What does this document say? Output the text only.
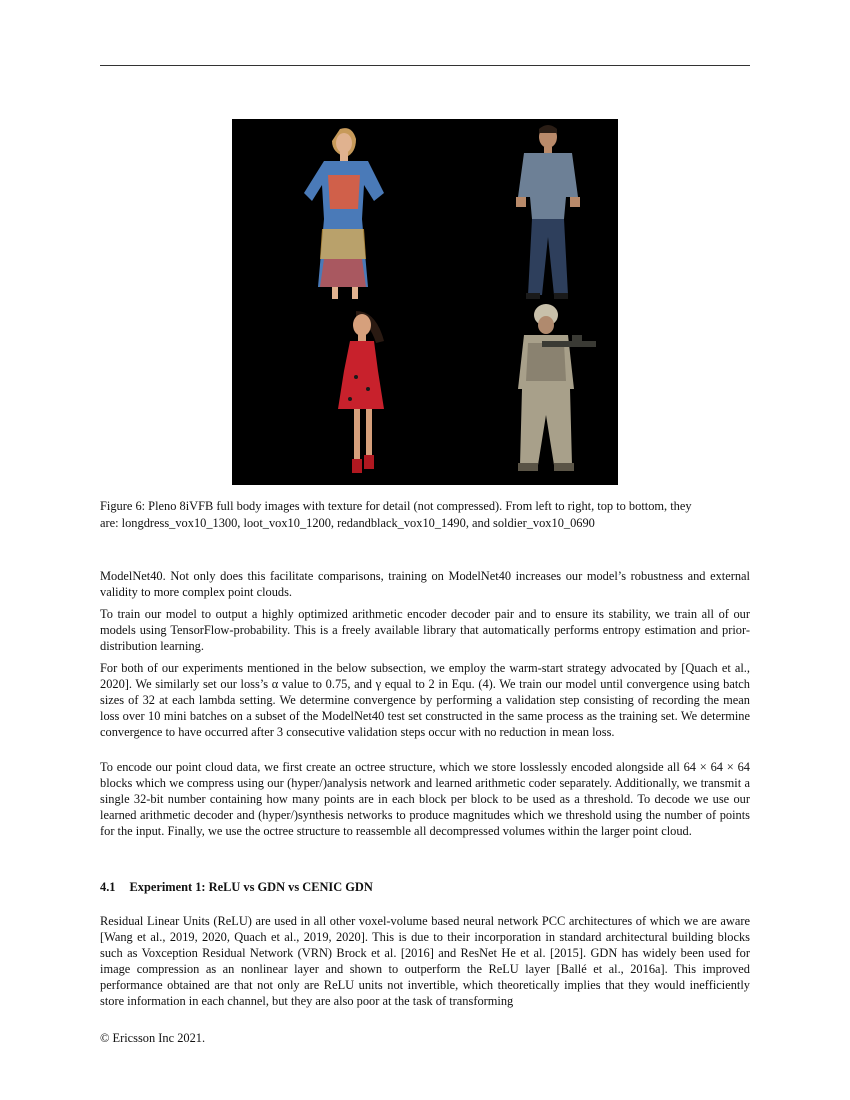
Figure 6: Pleno 8iVFB full body images with texture for detail (not compressed). From left to right, top to bottom, they
are: longdress_vox10_1300, loot_vox10_1200, redandblack_vox10_1490, and soldier_vox10_0690
ModelNet40. Not only does this facilitate comparisons, training on ModelNet40 increases our model’s robustness and external validity to more complex point clouds.
To train our model to output a highly optimized arithmetic encoder decoder pair and to ensure its stability, we train all of our models using TensorFlow-probability. This is a freely available library that automatically performs entropy estimation and prior-distribution learning.
For both of our experiments mentioned in the below subsection, we employ the warm-start strategy advocated by [Quach et al., 2020]. We similarly set our loss’s α value to 0.75, and γ equal to 2 in Equ. (4). We train our model until convergence using batch sizes of 32 at each lambda setting. We determine convergence by performing a validation step consisting of recording the mean loss over 10 mini batches on a subset of the ModelNet40 test set constructed in the same process as the training set. We determine convergence to have occurred after 3 consecutive validation steps occur with no reduction in mean loss.
To encode our point cloud data, we first create an octree structure, which we store losslessly encoded alongside all 64 × 64 × 64 blocks which we compress using our (hyper/)analysis network and learned arithmetic coder separately. Additionally, we transmit a single 32-bit number containing how many points are in each block per block to be used as a threshold. To decode we use our learned arithmetic decoder and (hyper/)synthesis networks to produce magnitudes which we threshold using the number of points for the input. Finally, we use the octree structure to reassemble all decompressed volumes within the larger point cloud.
4.1 Experiment 1: ReLU vs GDN vs CENIC GDN
Residual Linear Units (ReLU) are used in all other voxel-volume based neural network PCC architectures of which we are aware [Wang et al., 2019, 2020, Quach et al., 2019, 2020]. This is due to their incorporation in standard architectural building blocks such as Voxception Residual Network (VRN) Brock et al. [2016] and ResNet He et al. [2015]. GDN has widely been used for image compression as an nonlinear layer and shown to outperform the ReLU layer [Ballé et al., 2016a]. This improved performance obtained are that not only are ReLU units not invertible, which theoretically implies that they would inefficiently store information in each channel, but they are also poor at the task of transforming
© Ericsson Inc 2021.
